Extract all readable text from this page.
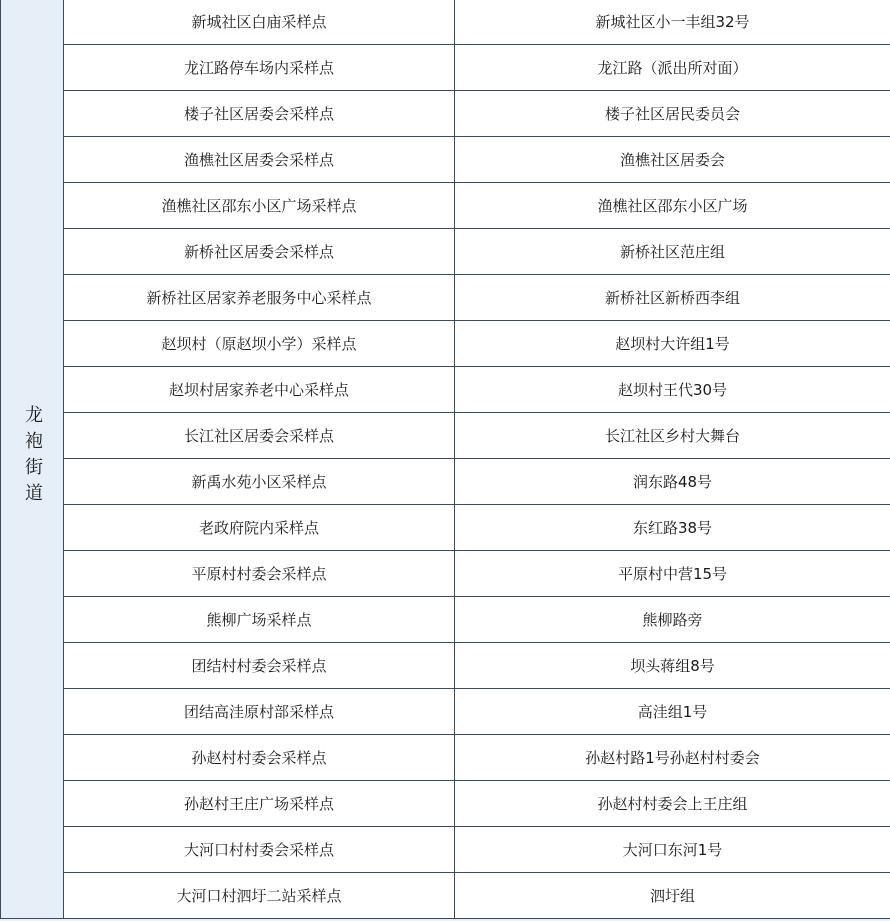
龙袍街道	新城社区白庙采样点	新城社区小一丰组32号
	龙江路停车场内采样点	龙江路（派出所对面）
	楼子社区居委会采样点	楼子社区居民委员会
	渔樵社区居委会采样点	渔樵社区居委会
	渔樵社区邵东小区广场采样点	渔樵社区邵东小区广场
	新桥社区居委会采样点	新桥社区范庄组
	新桥社区居家养老服务中心采样点	新桥社区新桥西李组
	赵坝村（原赵坝小学）采样点	赵坝村大许组1号
	赵坝村居家养老中心采样点	赵坝村王代30号
	长江社区居委会采样点	长江社区乡村大舞台
	新禹水苑小区采样点	润东路48号
	老政府院内采样点	东红路38号
	平原村村委会采样点	平原村中营15号
	熊柳广场采样点	熊柳路旁
	团结村村委会采样点	坝头蒋组8号
	团结高洼原村部采样点	高洼组1号
	孙赵村村委会采样点	孙赵村路1号孙赵村村委会
	孙赵村王庄广场采样点	孙赵村村委会上王庄组
	大河口村村委会采样点	大河口东河1号
	大河口村泗圩二站采样点	泗圩组
